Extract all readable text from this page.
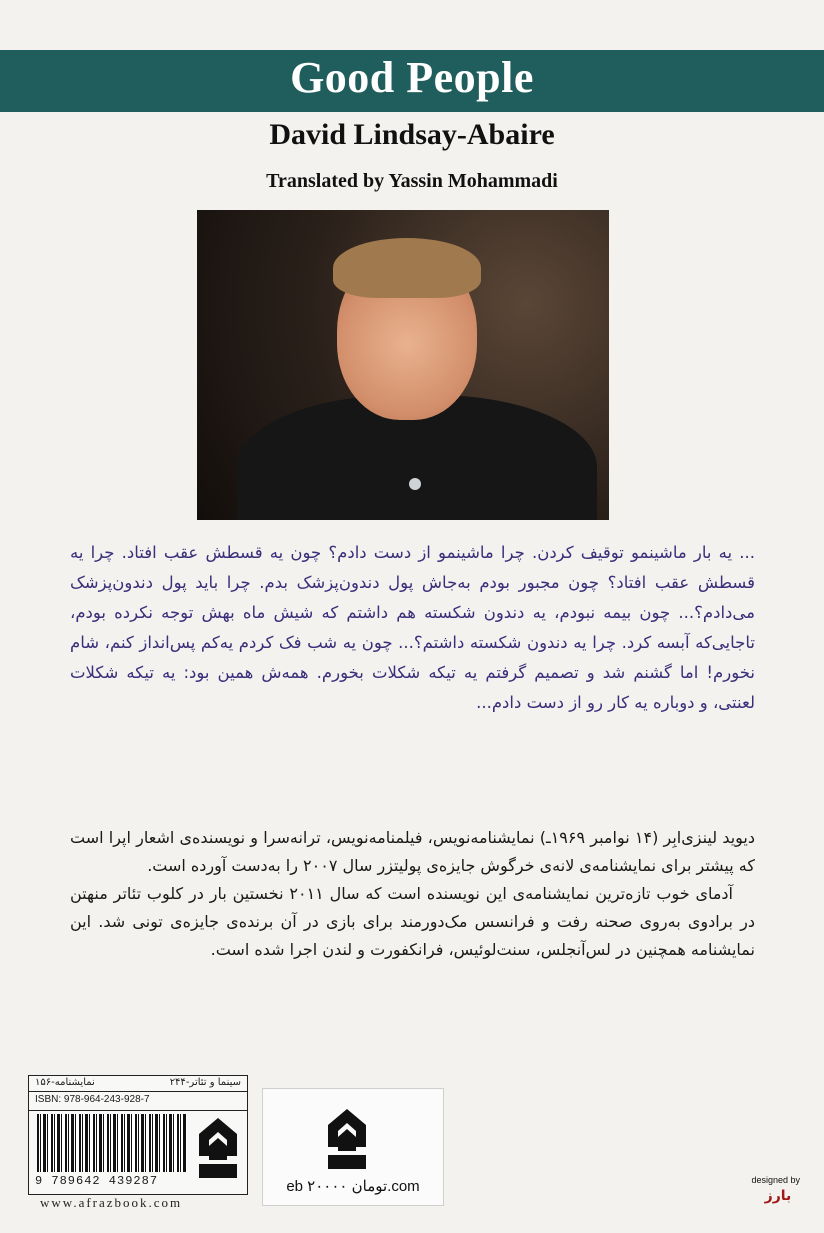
Good People
David Lindsay-Abaire
Translated by Yassin Mohammadi
... یه بار ماشینمو توقیف کردن. چرا ماشینمو از دست دادم؟ چون یه قسطش عقب افتاد. چرا یه قسطش عقب افتاد؟ چون مجبور بودم به‌جاش پول دندون‌پزشک بدم. چرا باید پول دندون‌پزشک می‌دادم؟... چون بیمه نبودم، یه دندون شکسته هم داشتم که شیش ماه بهش توجه نکرده بودم، تاجایی‌که آبسه کرد. چرا یه دندون شکسته داشتم؟... چون یه شب فک کردم یه‌کم پس‌انداز کنم، شام نخورم! اما گشنم شد و تصمیم گرفتم یه تیکه شکلات بخورم. همه‌ش همین بود: یه تیکه شکلات لعنتی، و دوباره یه کار رو از دست دادم...

دیوید لینزی‌ابِر (۱۴ نوامبر ۱۹۶۹ـ) نمایشنامه‌نویس، فیلمنامه‌نویس، ترانه‌سرا و نویسنده‌ی اشعار اپرا است که پیشتر برای نمایشنامه‌ی لانه‌ی خرگوش جایزه‌ی پولیتزر سال ۲۰۰۷ را به‌دست آورده است.

آدمای خوب تازه‌ترین نمایشنامه‌ی این نویسنده است که سال ۲۰۱۱ نخستین بار در کلوب تئاتر منهتن در برادوی به‌روی صحنه رفت و فرانسس مک‌دورمند برای بازی در آن برنده‌ی جایزه‌ی تونی شد. این نمایشنامه همچنین در لس‌آنجلس، سنت‌لوئیس، فرانکفورت و لندن اجرا شده است.

سینما و تئاتر-۲۴۴
نمایشنامه-۱۵۶
ISBN: 978-964-243-928-7
9 789642 439287
www.afrazbook.com
eb ۲۰۰۰۰ تومان.com	designed by
بارز
